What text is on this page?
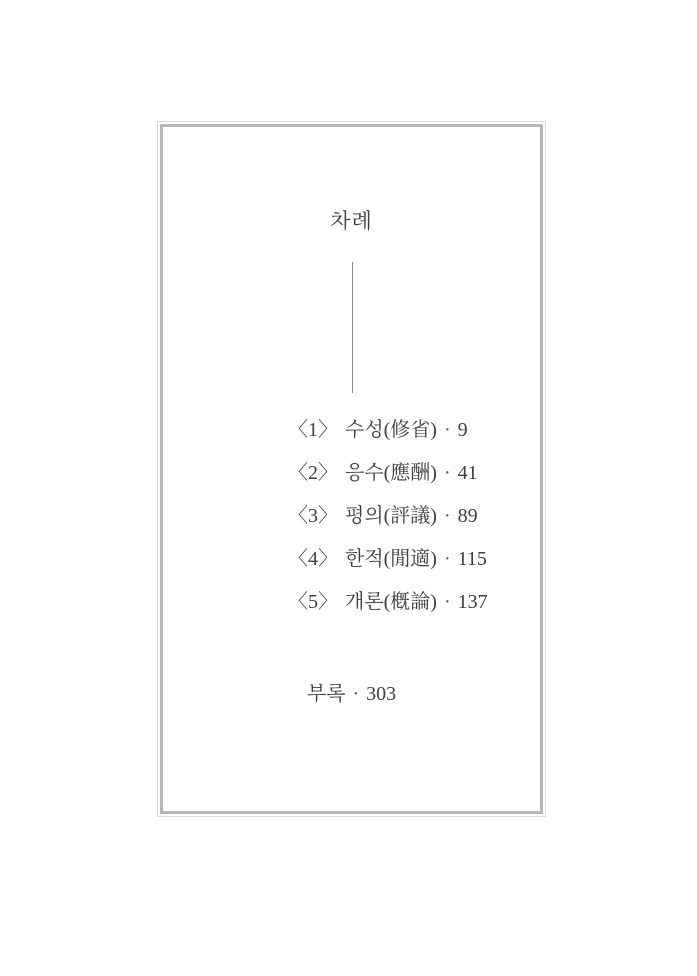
차례
〈1〉 수성(修省) · 9
〈2〉 응수(應酬) · 41
〈3〉 평의(評議) · 89
〈4〉 한적(閒適) · 115
〈5〉 개론(槪論) · 137
부록 · 303
